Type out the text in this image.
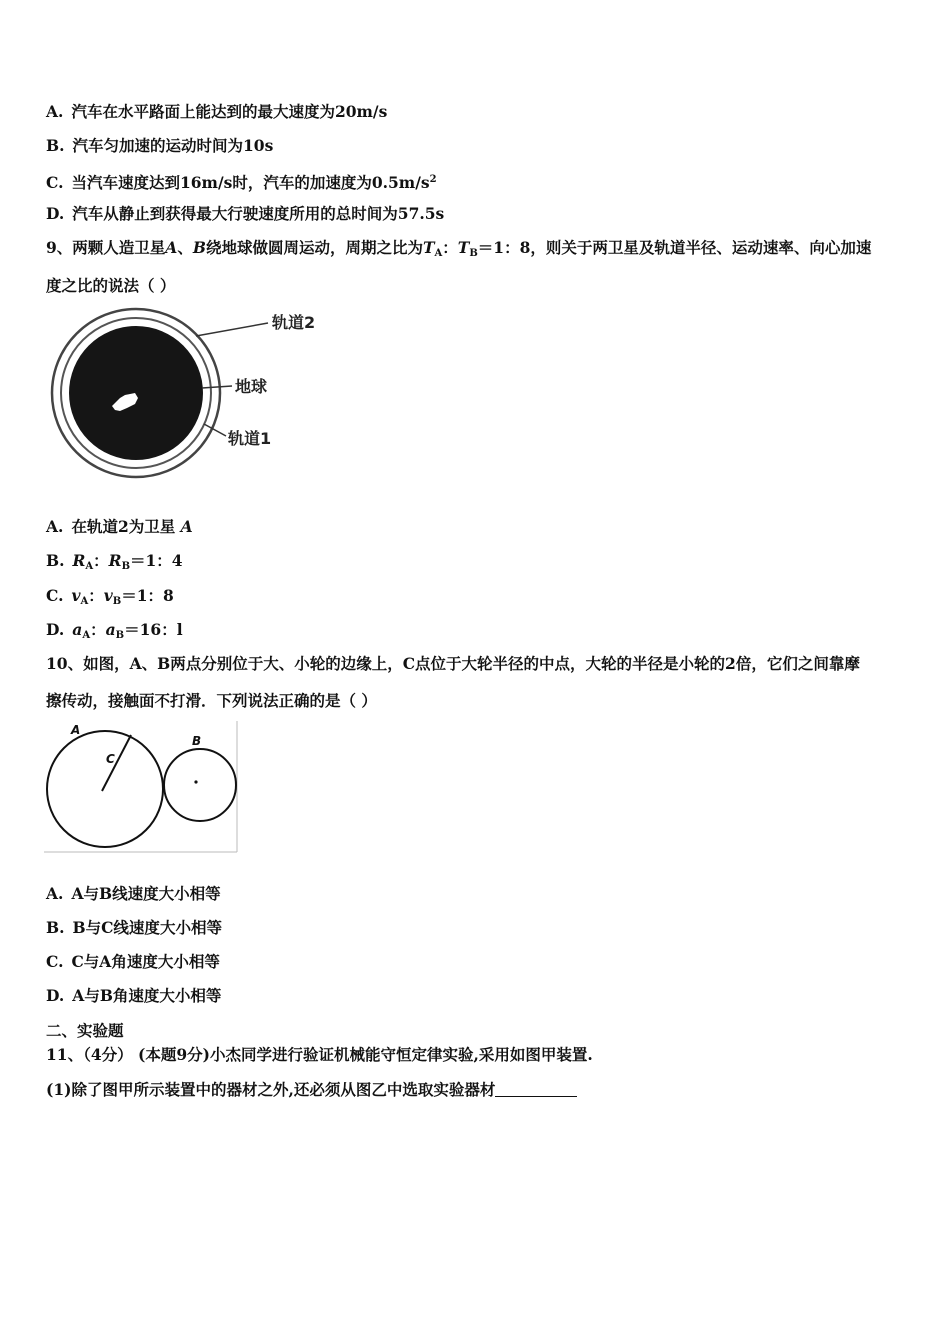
A. 汽车在水平路面上能达到的最大速度为20m/s
B. 汽车匀加速的运动时间为10s
C. 当汽车速度达到16m/s时，汽车的加速度为$0.5m/s^2$
D. 汽车从静止到获得最大行驶速度所用的总时间为57.5s
9、两颗人造卫星A、B绕地球做圆周运动，周期之比为$T_A$：$T_B=1$：8，则关于两卫星及轨道半径、运动速率、向心加速
度之比的说法（ ）
轨道2
地球
轨道1
A. 在轨道2为卫星 A
B. $R_A$：$R_B=1$：4
C. $v_A$：$v_B=1$：8
D. $a_A$：$a_B=16$：l
10、如图，A、B两点分别位于大、小轮的边缘上，C点位于大轮半径的中点，大轮的半径是小轮的2倍，它们之间靠摩
擦传动，接触面不打滑．下列说法正确的是（ ）
A
C
B
A. A与B线速度大小相等
B. B与C线速度大小相等
C. C与A角速度大小相等
D. A与B角速度大小相等
二、实验题
11、（4分） (本题9分)小杰同学进行验证机械能守恒定律实验,采用如图甲装置.
(1)除了图甲所示装置中的器材之外,还必须从图乙中选取实验器材
